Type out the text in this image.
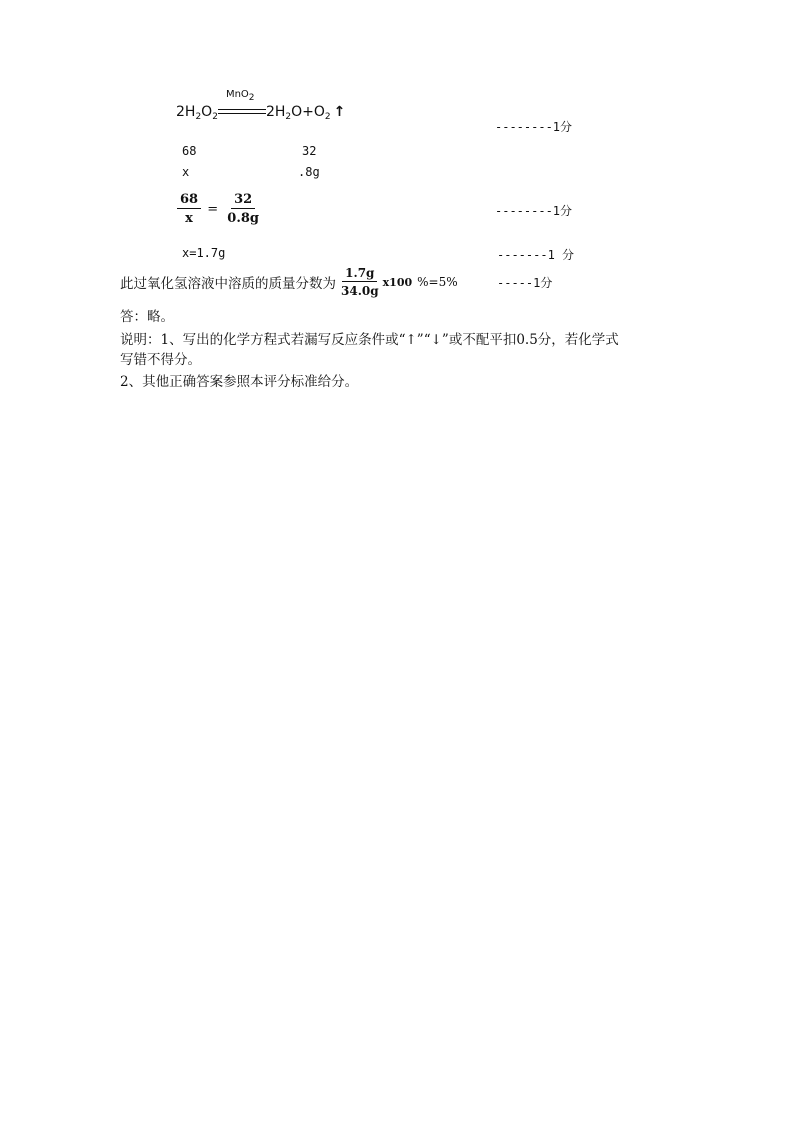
$2H_2O_2$
MnO$_2$
$2H_2O+O_2$ ↑
--------1分
68	32
x	.8g
$\frac{68}{x} = \frac{32}{0.8g}$	--------1分
x=1.7g	-------1 分
此过氧化氢溶液中溶质的质量分数为 $\frac{1.7g}{34.0g} x100$ %=5%	-----1分
答：略。
说明：1、写出的化学方程式若漏写反应条件或“↑”“↓”或不配平扣0.5分，若化学式
写错不得分。
2、其他正确答案参照本评分标准给分。
